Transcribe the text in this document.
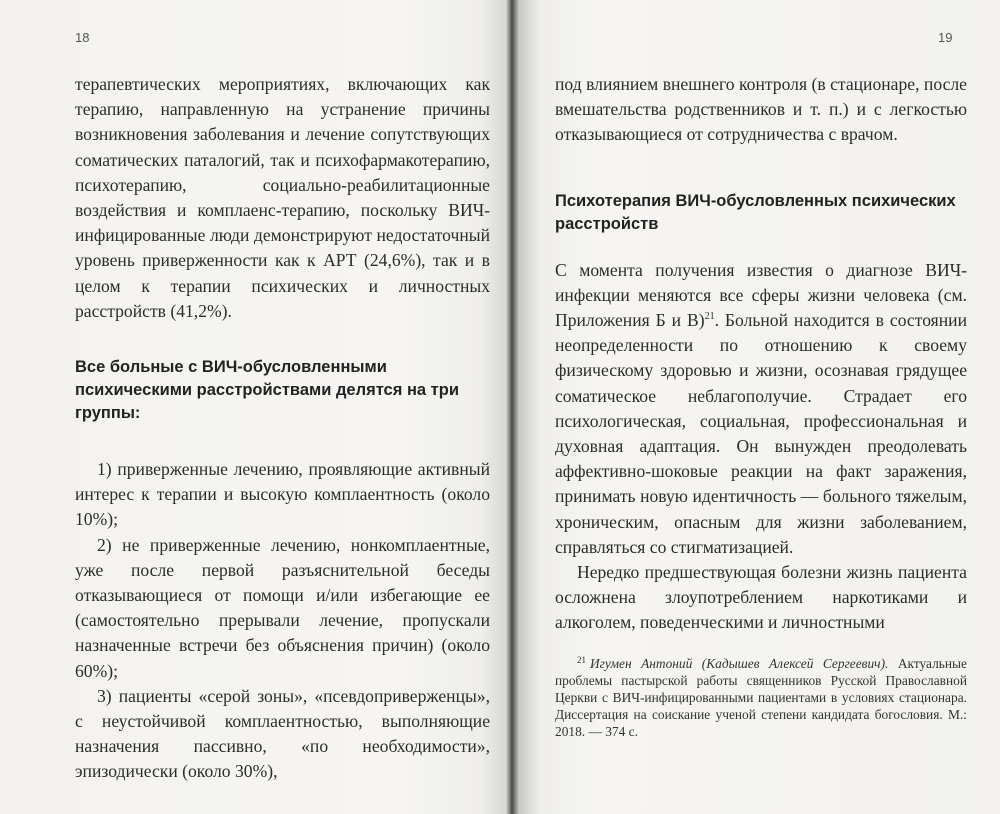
18

терапевтических мероприятиях, включающих как терапию, направленную на устранение причины возникновения заболевания и лечение сопутствующих соматических паталогий, так и психофармакотерапию, психотерапию, социально-реабилитационные воздействия и комплаенс-терапию, поскольку ВИЧ-инфицированные люди демонстрируют недостаточный уровень приверженности как к АРТ (24,6%), так и в целом к терапии психических и личностных расстройств (41,2%).

Все больные с ВИЧ-обусловленными психическими расстройствами делятся на три группы:

1) приверженные лечению, проявляющие активный интерес к терапии и высокую комплаентность (около 10%);

2) не приверженные лечению, нонкомплаентные, уже после первой разъяснительной беседы отказывающиеся от помощи и/или избегающие ее (самостоятельно прерывали лечение, пропускали назначенные встречи без объяснения причин) (около 60%);

3) пациенты «серой зоны», «псевдоприверженцы», с неустойчивой комплаентностью, выполняющие назначения пассивно, «по необходимости», эпизодически (около 30%),

19

под влиянием внешнего контроля (в стационаре, после вмешательства родственников и т. п.) и с легкостью отказывающиеся от сотрудничества с врачом.

Психотерапия ВИЧ-обусловленных психических расстройств

С момента получения известия о диагнозе ВИЧ-инфекции меняются все сферы жизни человека (см. Приложения Б и В)$^{21}$. Больной находится в состоянии неопределенности по отношению к своему физическому здоровью и жизни, осознавая грядущее соматическое неблагополучие. Страдает его психологическая, социальная, профессиональная и духовная адаптация. Он вынужден преодолевать аффективно-шоковые реакции на факт заражения, принимать новую идентичность — больного тяжелым, хроническим, опасным для жизни заболеванием, справляться со стигматизацией.

Нередко предшествующая болезни жизнь пациента осложнена злоупотреблением наркотиками и алкоголем, поведенческими и личностными

$^{21}$ Игумен Антоний (Кадышев Алексей Сергеевич). Актуальные проблемы пастырской работы священников Русской Православной Церкви с ВИЧ-инфицированными пациентами в условиях стационара. Диссертация на соискание ученой степени кандидата богословия. М.: 2018. — 374 с.
